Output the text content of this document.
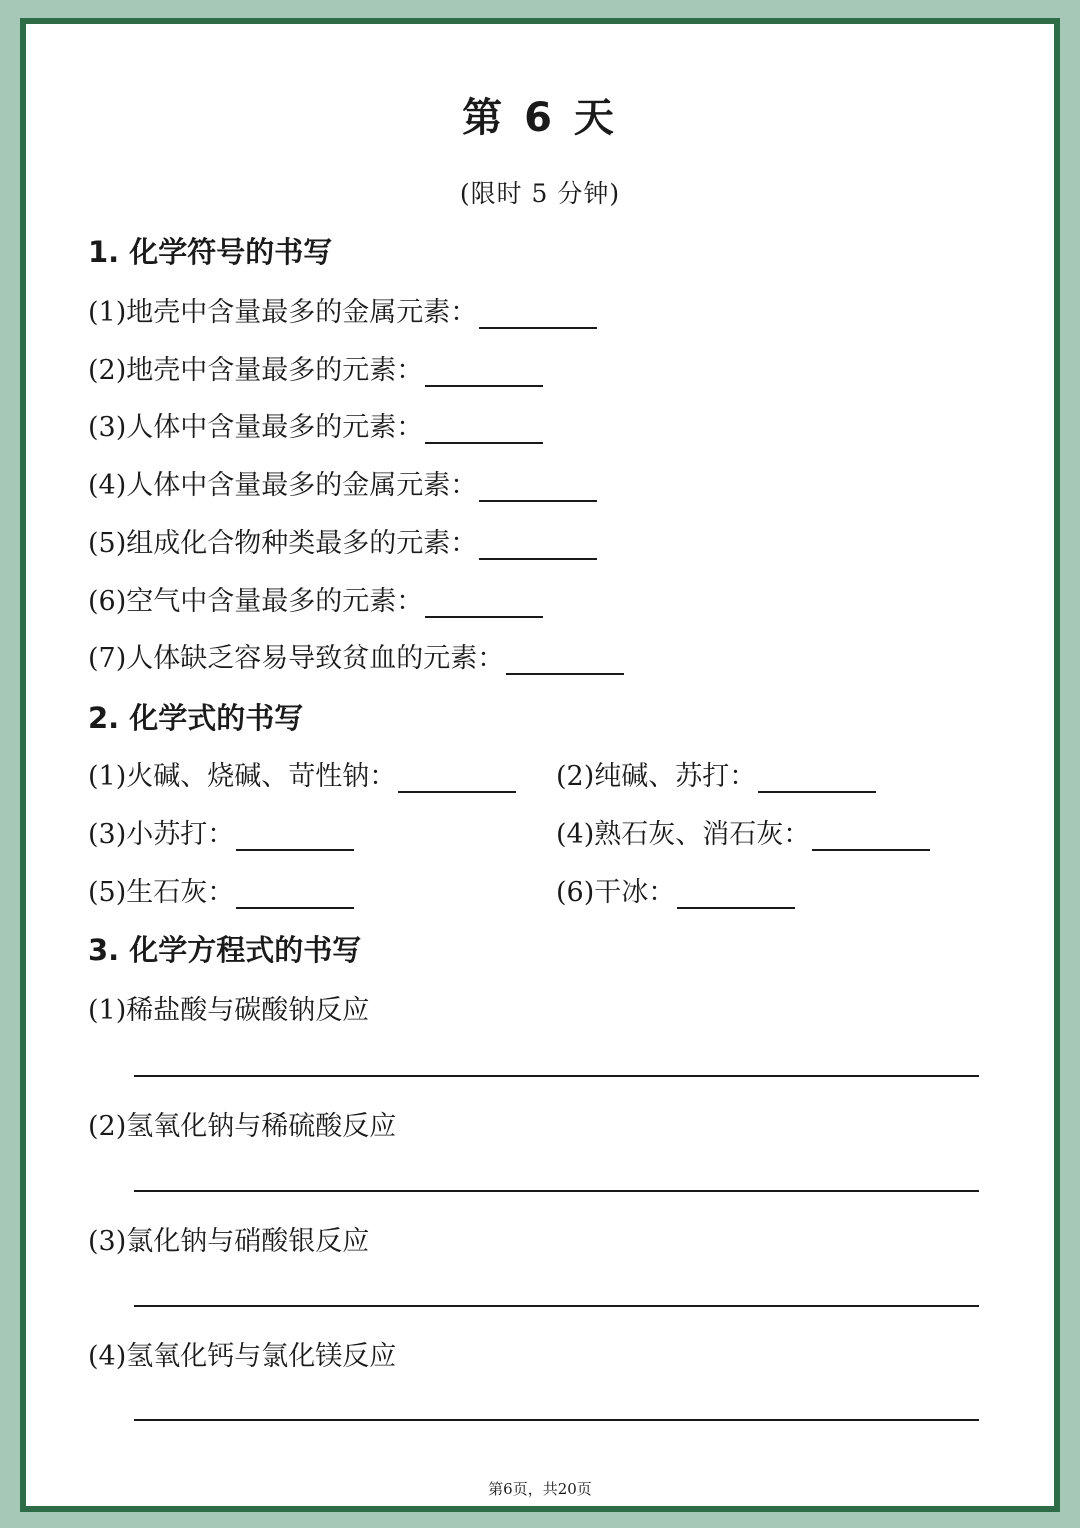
第 6 天
(限时 5 分钟)
1. 化学符号的书写
(1)地壳中含量最多的金属元素：
(2)地壳中含量最多的元素：
(3)人体中含量最多的元素：
(4)人体中含量最多的金属元素：
(5)组成化合物种类最多的元素：
(6)空气中含量最多的元素：
(7)人体缺乏容易导致贫血的元素：
2. 化学式的书写
(1)火碱、烧碱、苛性钠：	(2)纯碱、苏打：
(3)小苏打：	(4)熟石灰、消石灰：
(5)生石灰：	(6)干冰：
3. 化学方程式的书写
(1)稀盐酸与碳酸钠反应
(2)氢氧化钠与稀硫酸反应
(3)氯化钠与硝酸银反应
(4)氢氧化钙与氯化镁反应
第6页，共20页
